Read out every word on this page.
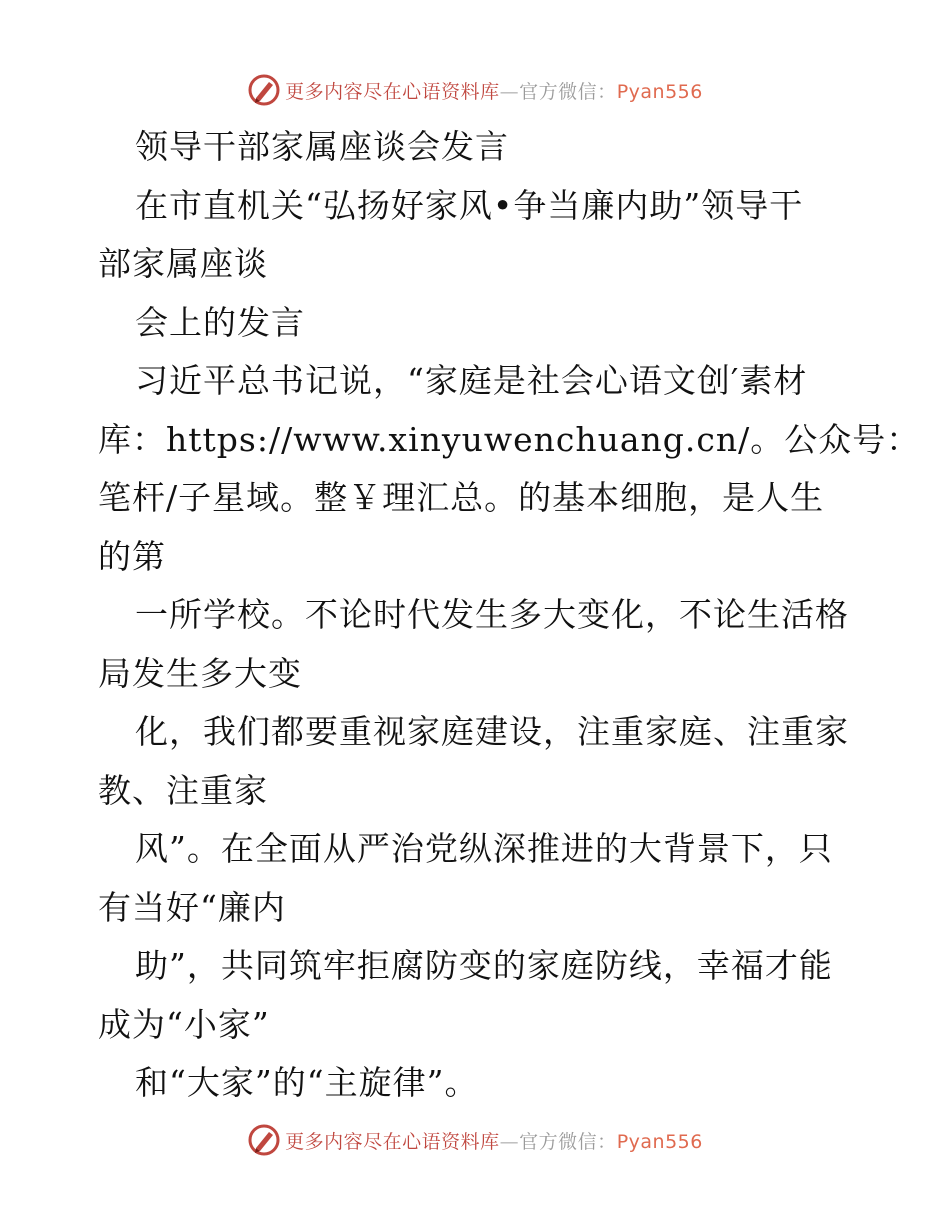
更多内容尽在心语资料库—官方微信：Pyan556
领导干部家属座谈会发言
在市直机关“弘扬好家风•争当廉内助”领导干
部家属座谈
会上的发言
习近平总书记说，“家庭是社会心语文创′素材
库：https://www.xinyuwenchuang.cn/。公众号：
笔杆/子星域。整￥理汇总。的基本细胞，是人生
的第
一所学校。不论时代发生多大变化，不论生活格
局发生多大变
化，我们都要重视家庭建设，注重家庭、注重家
教、注重家
风”。在全面从严治党纵深推进的大背景下，只
有当好“廉内
助”，共同筑牢拒腐防变的家庭防线，幸福才能
成为“小家”
和“大家”的“主旋律”。
更多内容尽在心语资料库—官方微信：Pyan556
